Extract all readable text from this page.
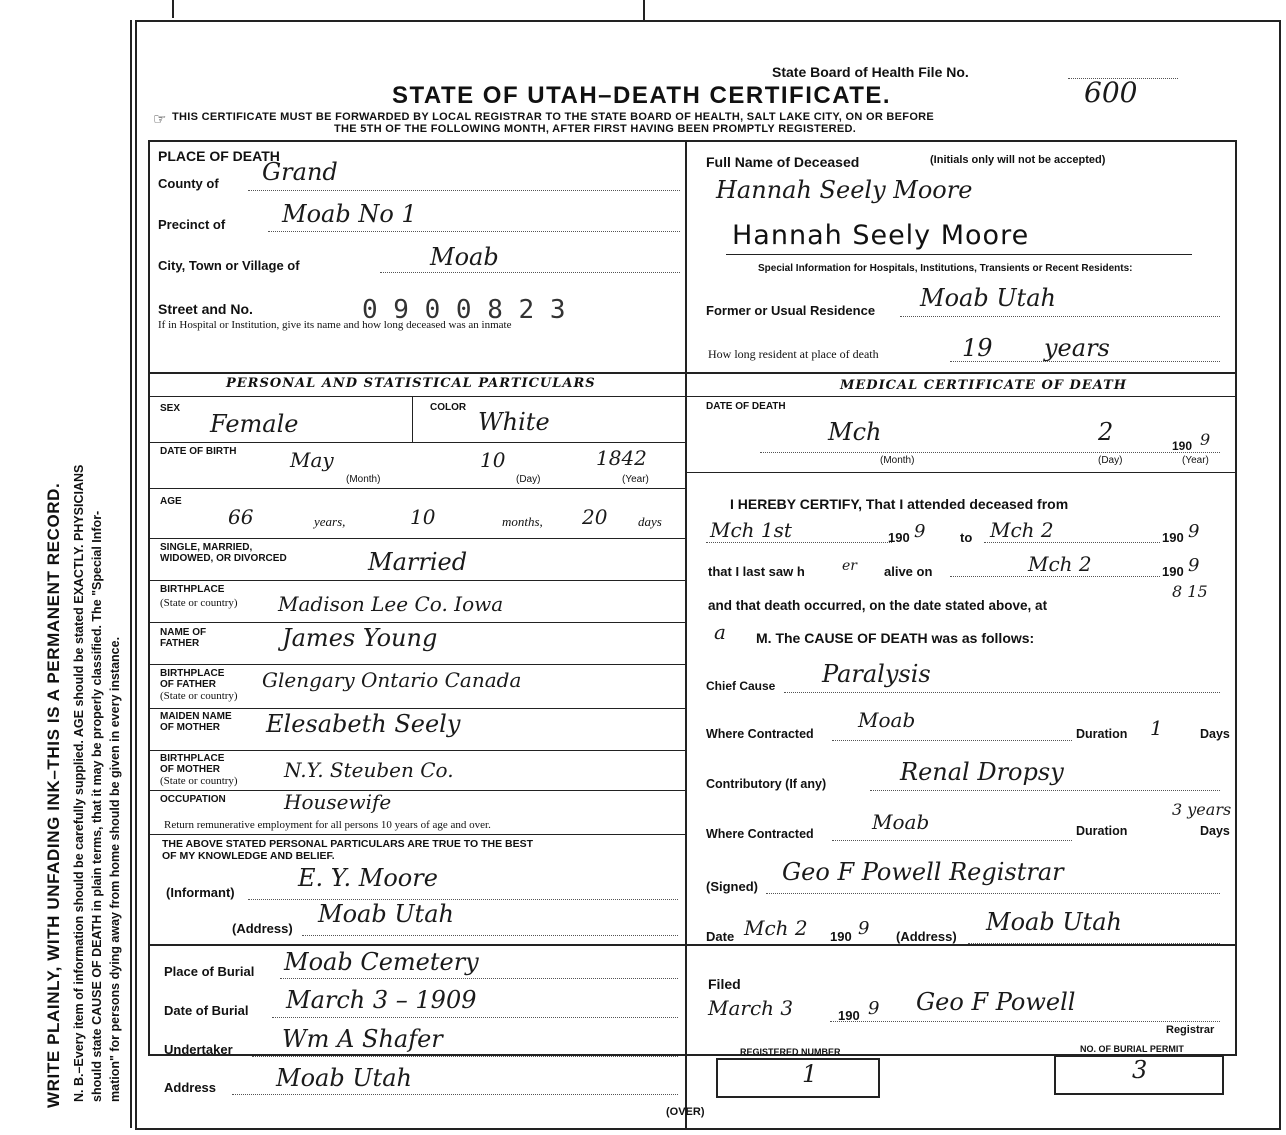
WRITE PLAINLY, WITH UNFADING INK–THIS IS A PERMANENT RECORD. N. B.–Every item of information should be carefully supplied. AGE should be stated EXACTLY. PHYSICIANS should state CAUSE OF DEATH in plain terms, that it may be properly classified. The "Special Infor- mation" for persons dying away from home should be given in every instance.
State Board of Health File No.
600
STATE OF UTAH–DEATH CERTIFICATE.
☞ THIS CERTIFICATE MUST BE FORWARDED BY LOCAL REGISTRAR TO THE STATE BOARD OF HEALTH, SALT LAKE CITY, ON OR BEFORE
THE 5TH OF THE FOLLOWING MONTH, AFTER FIRST HAVING BEEN PROMPTLY REGISTERED.
PLACE OF DEATH
County of Grand
Precinct of Moab No 1
City, Town or Village of	Moab
Street and No.	0 9 0 0 8 2 3
If in Hospital or Institution, give its name and how long deceased was an inmate
Full Name of Deceased	(Initials only will not be accepted)
Hannah Seely Moore
Hannah Seely Moore
Special Information for Hospitals, Institutions, Transients or Recent Residents:
Former or Usual Residence Moab Utah
How long resident at place of death	19 years
PERSONAL AND STATISTICAL PARTICULARS	MEDICAL CERTIFICATE OF DEATH
SEX
Female
COLOR
White
DATE OF BIRTH	May	10	1842
(Month)	(Day)	(Year)
AGE
66	years,	10	months, 20 days
SINGLE, MARRIED,
WIDOWED, OR DIVORCED	Married
BIRTHPLACE
(State or country) Madison Lee Co. Iowa
NAME OF
FATHER	James Young
BIRTHPLACE
OF FATHER
(State or country)
Glengary Ontario Canada
MAIDEN NAME
OF MOTHER Elesabeth Seely
BIRTHPLACE
OF MOTHER
(State or country) N.Y. Steuben Co.
OCCUPATION	Housewife
Return remunerative employment for all persons 10 years of age and over.
THE ABOVE STATED PERSONAL PARTICULARS ARE TRUE TO THE BEST
OF MY KNOWLEDGE AND BELIEF.
(Informant)
E. Y. Moore
(Address)
Moab Utah
Place of Burial Moab Cemetery
Date of Burial March 3 – 1909
Undertaker Wm A Shafer
Address Moab Utah
DATE OF DEATH
Mch	2	190 9
(Month)	(Day)	(Year)
I HEREBY CERTIFY, That I attended deceased from
Mch 1st	190 9	to Mch 2	190 9
that I last saw h	er alive on	Mch 2	190 9
and that death occurred, on the date stated above, at
8 15
a M. The CAUSE OF DEATH was as follows:
Chief Cause Paralysis
Where Contracted
Moab
Duration 1	Days
Contributory (If any)	Renal Dropsy
Where Contracted	Moab	Duration
3 years
Days
(Signed)
Geo F Powell Registrar
Date Mch 2 190 9 (Address)
Moab Utah
Filed
March 3	190 9 Geo F Powell
Registrar
REGISTERED NUMBER
1
NO. OF BURIAL PERMIT
3
(OVER)
